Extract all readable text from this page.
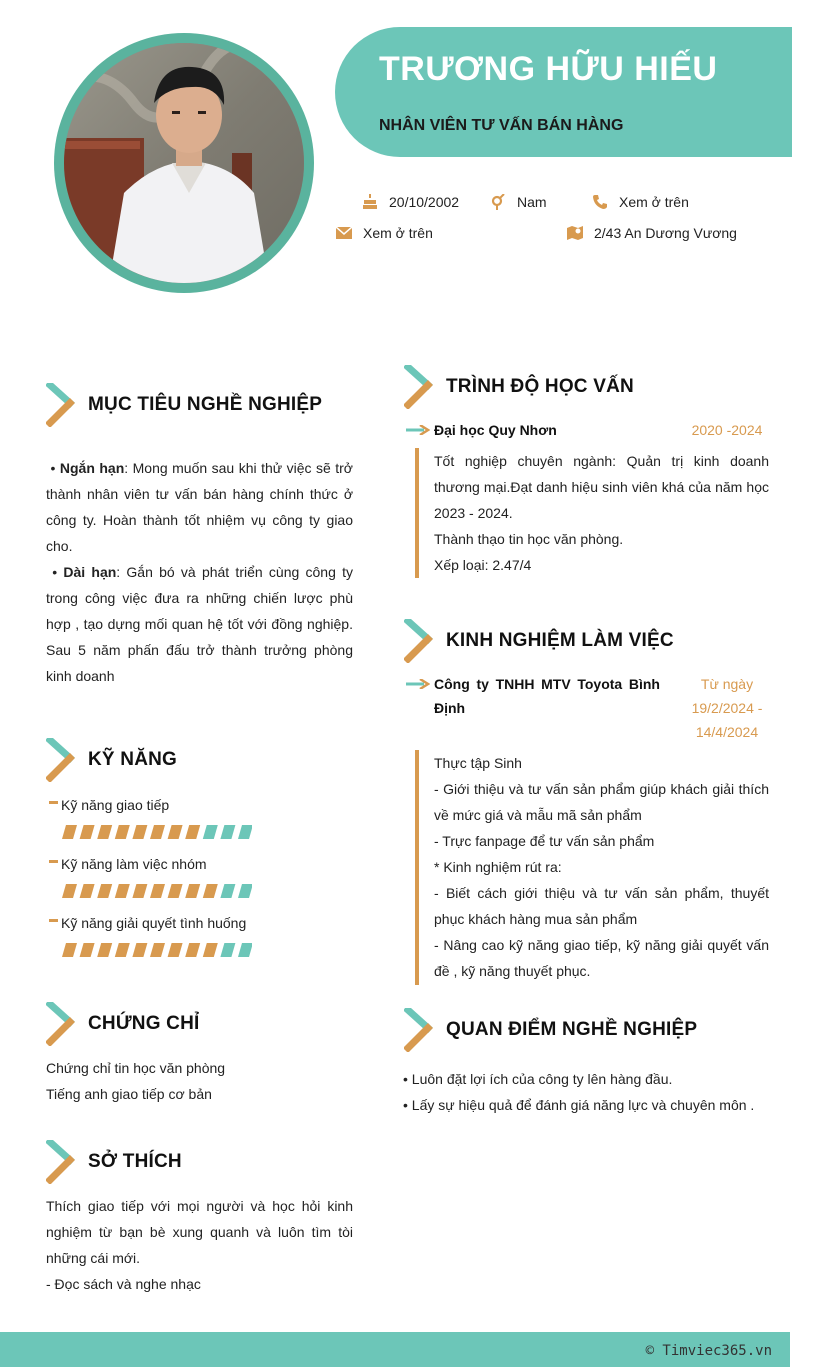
TRƯƠNG HỮU HIẾU
NHÂN VIÊN TƯ VẤN BÁN HÀNG
20/10/2002	Nam	Xem ở trên
Xem ở trên	2/43 An Dương Vương
MỤC TIÊU NGHỀ NGHIỆP
• Ngắn hạn: Mong muốn sau khi thử việc sẽ trở thành nhân viên tư vấn bán hàng chính thức ở công ty. Hoàn thành tốt nhiệm vụ công ty giao cho.
• Dài hạn: Gắn bó và phát triển cùng công ty trong công việc đưa ra những chiến lược phù hợp , tạo dựng mối quan hệ tốt với đồng nghiệp. Sau 5 năm phấn đấu trở thành trưởng phòng kinh doanh
KỸ NĂNG
Kỹ năng giao tiếp
Kỹ năng làm việc nhóm
Kỹ năng giải quyết tình huống
CHỨNG CHỈ
Chứng chỉ tin học văn phòng
Tiếng anh giao tiếp cơ bản
SỞ THÍCH
Thích giao tiếp với mọi người và học hỏi kinh nghiệm từ bạn bè xung quanh và luôn tìm tòi những cái mới.
- Đọc sách và nghe nhạc
TRÌNH ĐỘ HỌC VẤN
Đại học Quy Nhơn	2020 -2024
Tốt nghiệp chuyên ngành: Quản trị kinh doanh thương mại.Đạt danh hiệu sinh viên khá của năm học 2023 - 2024.
Thành thạo tin học văn phòng.
Xếp loại: 2.47/4
KINH NGHIỆM LÀM VIỆC
Công ty TNHH MTV Toyota Bình Định
Từ ngày
19/2/2024 -
14/4/2024
Thực tập Sinh
- Giới thiệu và tư vấn sản phẩm giúp khách giải thích về mức giá và mẫu mã sản phẩm
- Trực fanpage để tư vấn sản phẩm
* Kinh nghiệm rút ra:
- Biết cách giới thiệu và tư vấn sản phẩm, thuyết phục khách hàng mua sản phẩm
- Nâng cao kỹ năng giao tiếp, kỹ năng giải quyết vấn đề , kỹ năng thuyết phục.
QUAN ĐIỂM NGHỀ NGHIỆP
• Luôn đặt lợi ích của công ty lên hàng đầu.
• Lấy sự hiệu quả để đánh giá năng lực và chuyên môn .
© Timviec365.vn
